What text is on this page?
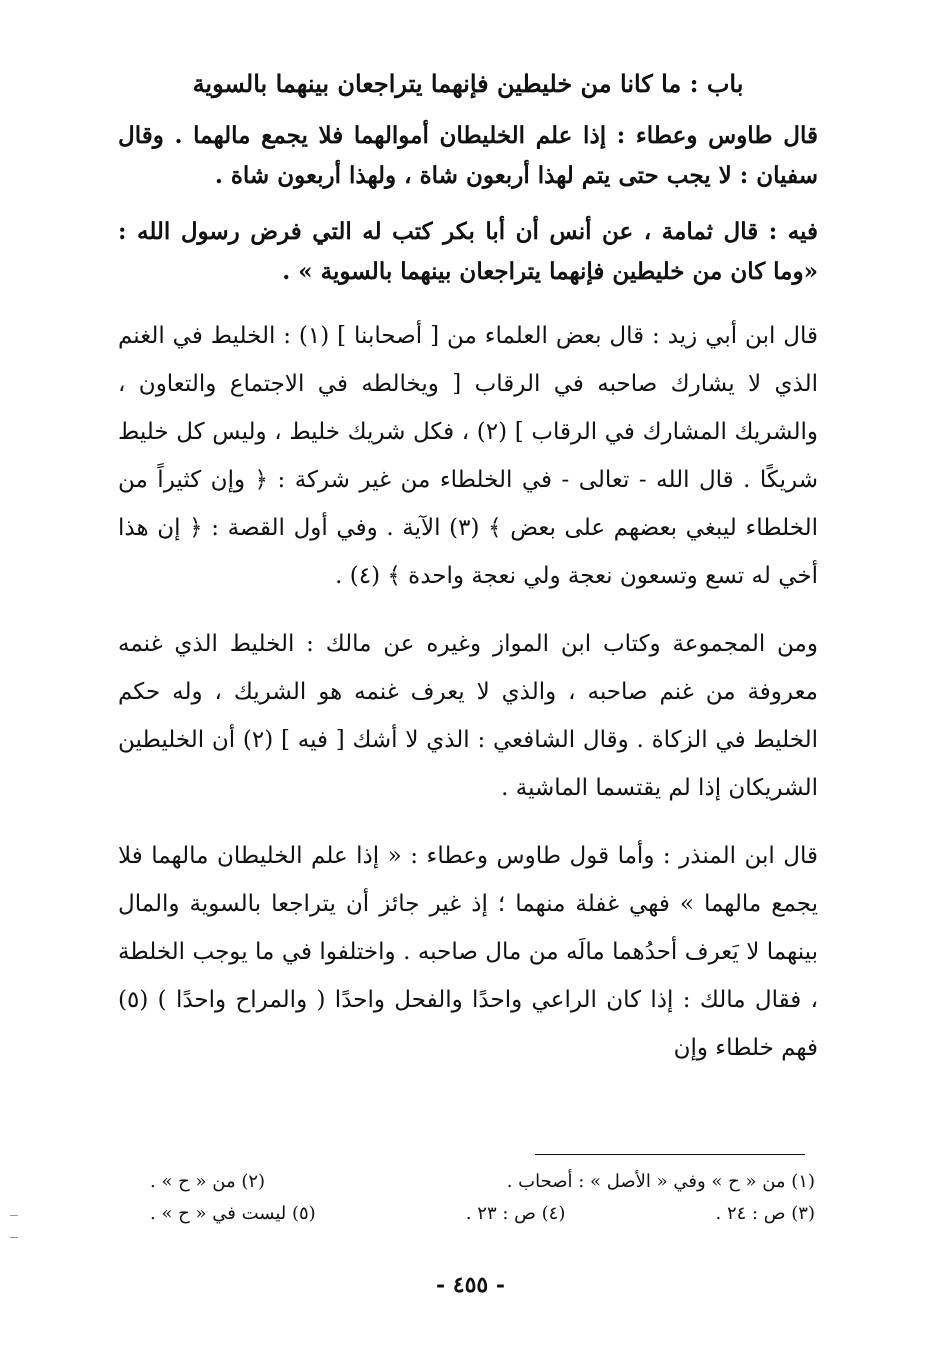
باب : ما كانا من خليطين فإنهما يتراجعان بينهما بالسوية

قال طاوس وعطاء : إذا علم الخليطان أموالهما فلا يجمع مالهما . وقال سفيان : لا يجب حتى يتم لهذا أربعون شاة ، ولهذا أربعون شاة .

فيه : قال ثمامة ، عن أنس أن أبا بكر كتب له التي فرض رسول الله : «وما كان من خليطين فإنهما يتراجعان بينهما بالسوية » .

قال ابن أبي زيد : قال بعض العلماء من [ أصحابنا ] (١) : الخليط في الغنم الذي لا يشارك صاحبه في الرقاب [ ويخالطه في الاجتماع والتعاون ، والشريك المشارك في الرقاب ] (٢) ، فكل شريك خليط ، وليس كل خليط شريكًا . قال الله - تعالى - في الخلطاء من غير شركة : ﴿ وإن كثيراً من الخلطاء ليبغي بعضهم على بعض ﴾ (٣) الآية . وفي أول القصة : ﴿ إن هذا أخي له تسع وتسعون نعجة ولي نعجة واحدة ﴾ (٤) .

ومن المجموعة وكتاب ابن المواز وغيره عن مالك : الخليط الذي غنمه معروفة من غنم صاحبه ، والذي لا يعرف غنمه هو الشريك ، وله حكم الخليط في الزكاة . وقال الشافعي : الذي لا أشك [ فيه ] (٢) أن الخليطين الشريكان إذا لم يقتسما الماشية .

قال ابن المنذر : وأما قول طاوس وعطاء : « إذا علم الخليطان مالهما فلا يجمع مالهما » فهي غفلة منهما ؛ إذ غير جائز أن يتراجعا بالسوية والمال بينهما لا يَعرف أحدُهما مالَه من مال صاحبه . واختلفوا في ما يوجب الخلطة ، فقال مالك : إذا كان الراعي واحدًا والفحل واحدًا ( والمراح واحدًا ) (٥) فهم خلطاء وإن

(١) من « ح » وفي « الأصل » : أصحاب .
(٢) من « ح » .
(٣) ص : ٢٤ .
(٤) ص : ٢٣ .
(٥) ليست في « ح » .
- ٤٥٥ -
